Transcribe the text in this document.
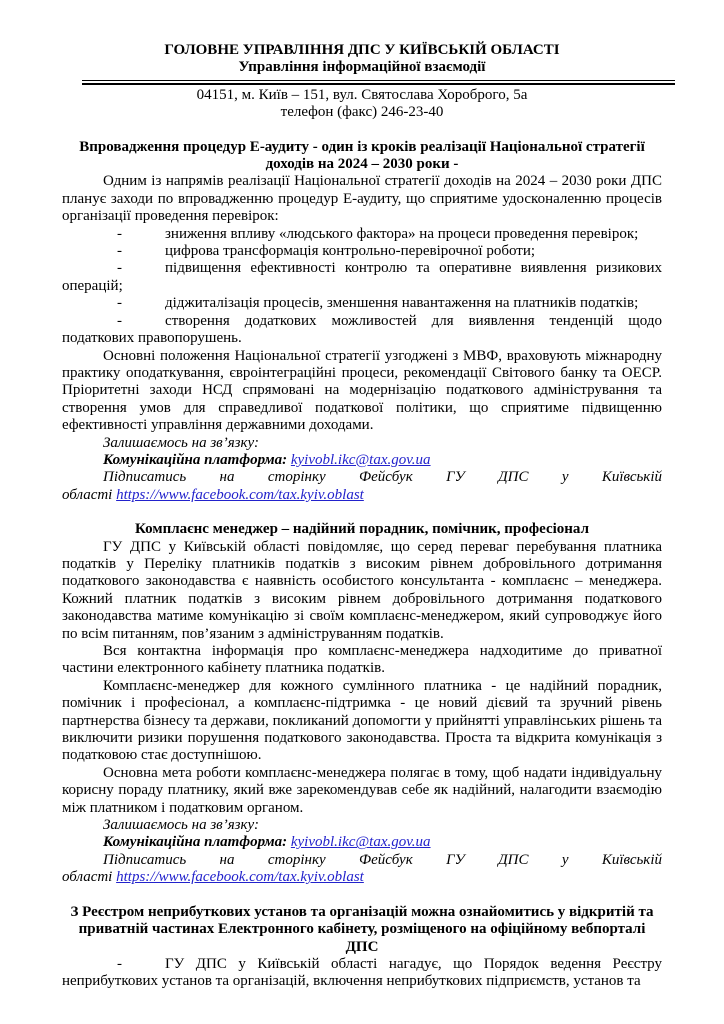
ГОЛОВНЕ УПРАВЛІННЯ ДПС У КИЇВСЬКІЙ ОБЛАСТІ

Управління інформаційної взаємодії

04151, м. Київ – 151, вул. Святослава Хороброго, 5а

телефон (факс) 246-23-40

Впровадження процедур Е-аудиту - один із кроків реалізації Національної стратегії доходів на 2024 – 2030 роки -

Одним із напрямів реалізації Національної стратегії доходів на 2024 – 2030 роки ДПС планує заходи по впровадженню процедур Е-аудиту, що сприятиме удосконаленню процесів організації проведення перевірок:

-	зниження впливу «людського фактора» на процеси проведення перевірок;

-	цифрова трансформація контрольно-перевірочної роботи;

-	підвищення ефективності контролю та оперативне виявлення ризикових операцій;

-	діджиталізація процесів, зменшення навантаження на платників податків;

-	створення додаткових можливостей для виявлення тенденцій щодо податкових правопорушень.

Основні положення Національної стратегії узгоджені з МВФ, враховують міжнародну практику оподаткування, євроінтеграційні процеси, рекомендації Світового банку та ОЕСР. Пріоритетні заходи НСД спрямовані на модернізацію податкового адміністрування та створення умов для справедливої податкової політики, що сприятиме підвищенню ефективності управління державними доходами.

Залишаємось на зв’язку:

Комунікаційна платформа: kyivobl.ikc@tax.gov.ua

Підписатись на сторінку Фейсбук ГУ ДПС у Київській
області https://www.facebook.com/tax.kyiv.oblast

Комплаєнс менеджер – надійний порадник, помічник, професіонал

ГУ ДПС у Київській області повідомляє, що серед переваг перебування платника податків у Переліку платників податків з високим рівнем добровільного дотримання податкового законодавства є наявність особистого консультанта - комплаєнс – менеджера. Кожний платник податків з високим рівнем добровільного дотримання податкового законодавства матиме комунікацію зі своїм комплаєнс-менеджером, який супроводжує його по всім питанням, пов’язаним з адмініструванням податків.

Вся контактна інформація про комплаєнс-менеджера надходитиме до приватної частини електронного кабінету платника податків.

Комплаєнс-менеджер для кожного сумлінного платника - це надійний порадник, помічник і професіонал, а комплаєнс-підтримка - це новий дієвий та зручний рівень партнерства бізнесу та держави, покликаний допомогти у прийнятті управлінських рішень та виключити ризики порушення податкового законодавства. Проста та відкрита комунікація з податковою стає доступнішою.

Основна мета роботи комплаєнс-менеджера полягає в тому, щоб надати індивідуальну корисну пораду платнику, який вже зарекомендував себе як надійний, налагодити взаємодію між платником і податковим органом.

Залишаємось на зв’язку:

Комунікаційна платформа: kyivobl.ikc@tax.gov.ua

Підписатись на сторінку Фейсбук ГУ ДПС у Київській
області https://www.facebook.com/tax.kyiv.oblast

З Реєстром неприбуткових установ та організацій можна ознайомитись у відкритій та приватній частинах Електронного кабінету, розміщеного на офіційному вебпорталі ДПС

-	ГУ ДПС у Київській області нагадує, що Порядок ведення Реєстру неприбуткових установ та організацій, включення неприбуткових підприємств, установ та
